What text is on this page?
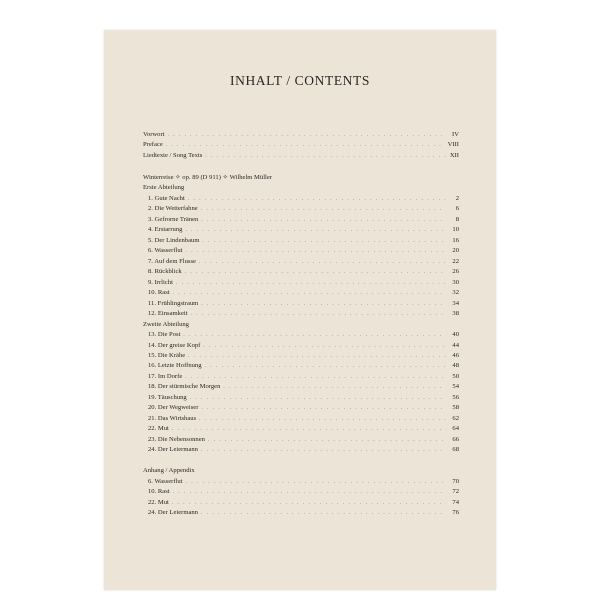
INHALT / CONTENTS
Vorwort . . .	IV
Preface . . .	VIII
Liedtexte / Song Texts . . .	XII
Winterreise ✧ op. 89 (D 911) ✧ Wilhelm Müller
Erste Abteilung
1. Gute Nacht . . .	2
2. Die Wetterfahne . . .	6
3. Gefrorne Tränen . . .	8
4. Erstarrung . . .	10
5. Der Lindenbaum . . .	16
6. Wasserflut . . .	20
7. Auf dem Flusse . . .	22
8. Rückblick . . .	26
9. Irrlicht . . .	30
10. Rast . . .	32
11. Frühlingstraum . . .	34
12. Einsamkeit . . .	38
Zweite Abteilung
13. Die Post . . .	40
14. Der greise Kopf . . .	44
15. Die Krähe . . .	46
16. Letzte Hoffnung . . .	48
17. Im Dorfe . . .	50
18. Der stürmische Morgen . . .	54
19. Täuschung . . .	56
20. Der Wegweiser . . .	58
21. Das Wirtshaus . . .	62
22. Mut . . .	64
23. Die Nebensonnen . . .	66
24. Der Leiermann . . .	68
Anhang / Appendix
6. Wasserflut . . .	70
10. Rast . . .	72
22. Mut . . .	74
24. Der Leiermann . . .	76
